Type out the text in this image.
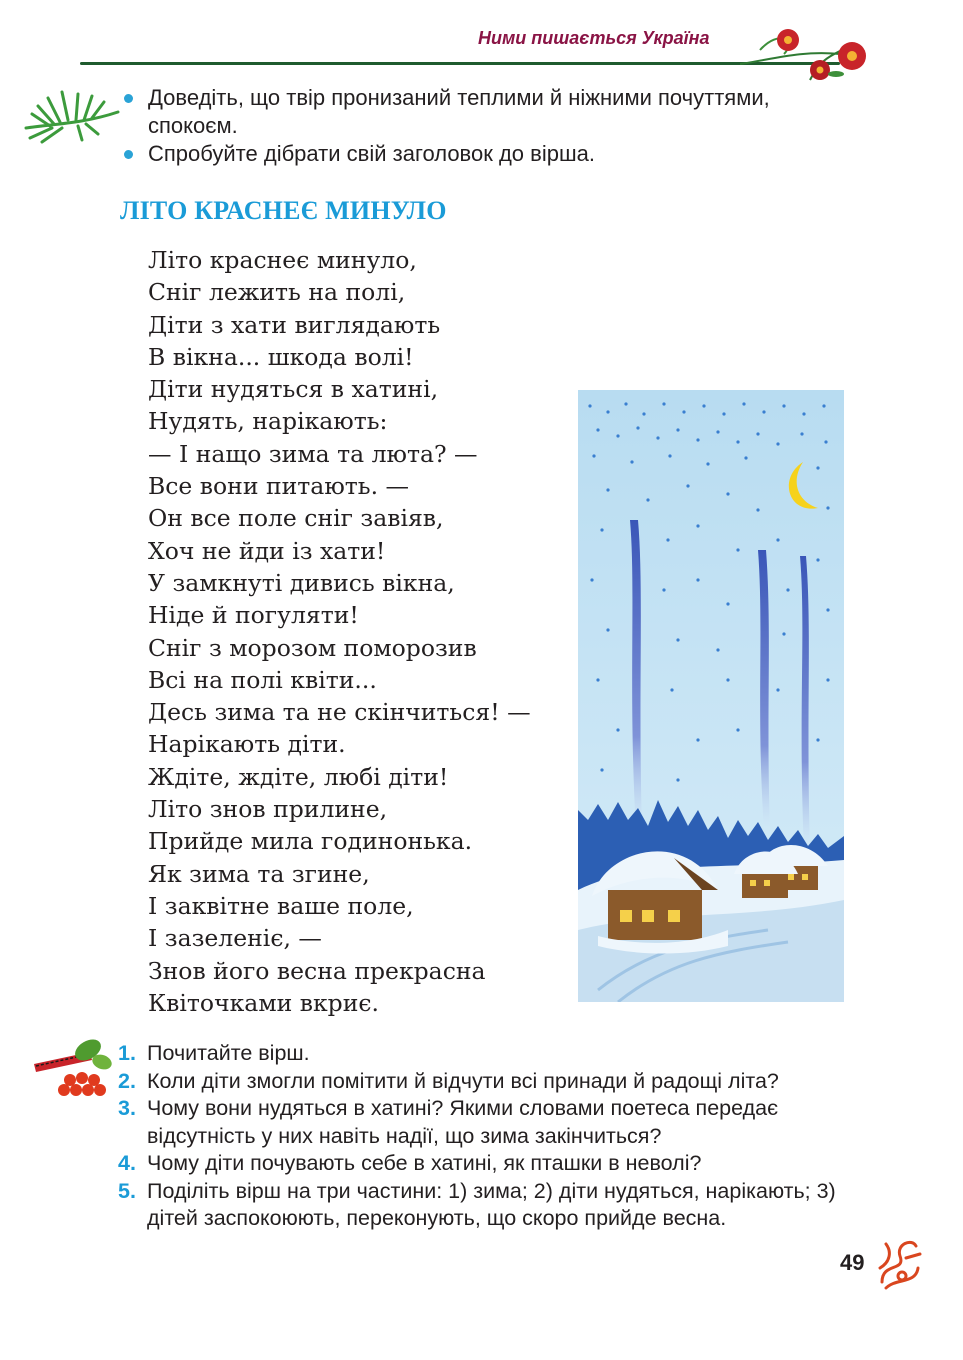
Ними пишається Україна
Доведіть, що твір пронизаний теплими й ніжними почуттями, спокоєм.
Спробуйте дібрати свій заголовок до вірша.
ЛІТО КРАСНЕЄ МИНУЛО
Літо краснеє минуло,
Сніг лежить на полі,
Діти з хати виглядають
В вікна... шкода волі!
Діти нудяться в хатині,
Нудять, нарікають:
— І нащо зима та люта? —
Все вони питають. —
Он все поле сніг завіяв,
Хоч не йди із хати!
У замкнуті дивись вікна,
Ніде й погуляти!
Сніг з морозом поморозив
Всі на полі квіти...
Десь зима та не скінчиться! —
Нарікають діти.
Ждіте, ждіте, любі діти!
Літо знов прилине,
Прийде мила годинонька.
Як зима та згине,
І заквітне ваше поле,
І зазеленіє, —
Знов його весна прекрасна
Квіточками вкриє.
1. Почитайте вірш.
2. Коли діти змогли помітити й відчути всі принади й радощі літа?
3. Чому вони нудяться в хатині? Якими словами поетеса передає відсутність у них навіть надії, що зима закінчиться?
4. Чому діти почувають себе в хатині, як пташки в неволі?
5. Поділіть вірш на три частини: 1) зима; 2) діти нудяться, нарікають; 3) дітей заспокоюють, переконують, що скоро прийде весна.
49
